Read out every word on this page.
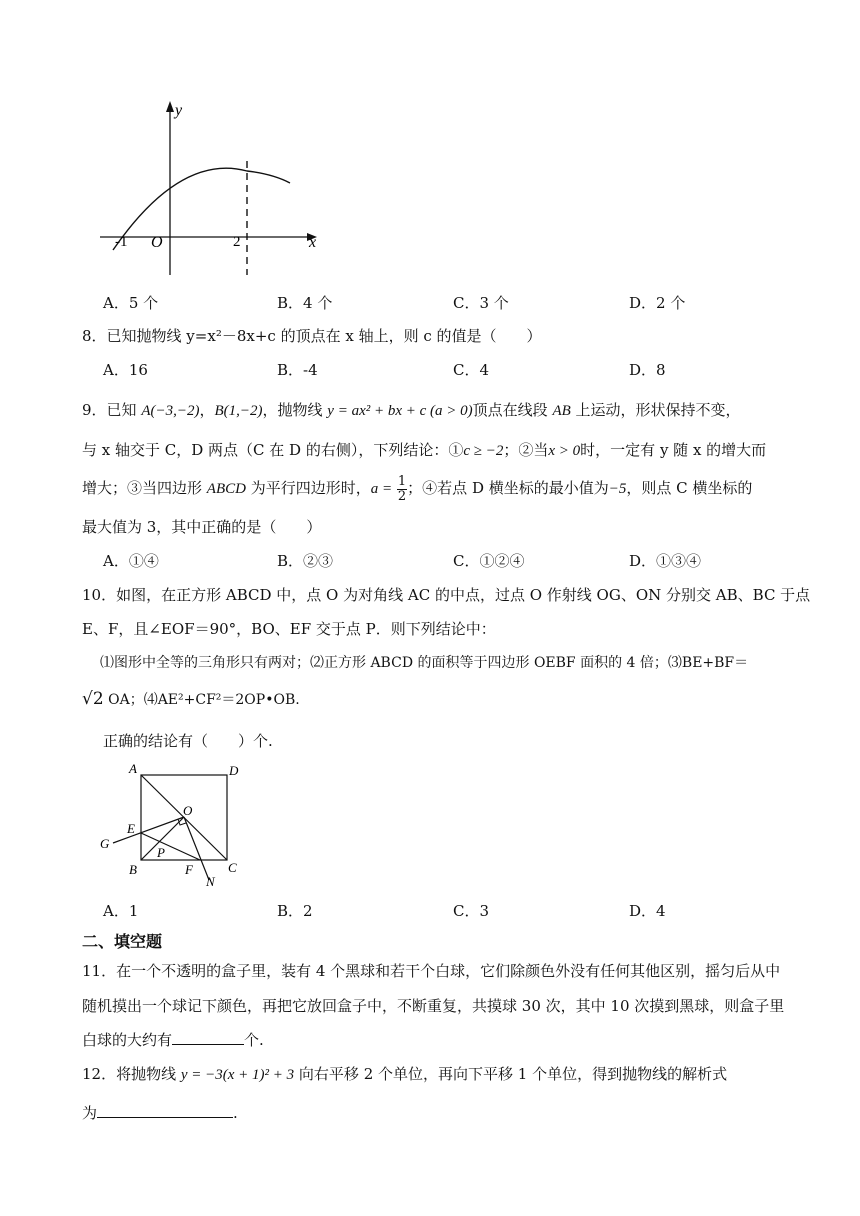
y
x
O
-1	2
A．5 个	B．4 个	C．3 个	D．2 个
8．已知抛物线 y=x²－8x+c 的顶点在 x 轴上，则 c 的值是（　　）
A．16	B．-4	C．4	D．8
9．已知 A(−3,−2)，B(1,−2)，抛物线 y = ax² + bx + c (a > 0)顶点在线段 AB 上运动，形状保持不变，
与 x 轴交于 C，D 两点（C 在 D 的右侧），下列结论：①c ≥ −2；②当x > 0时，一定有 y 随 x 的增大而
增大；③当四边形 ABCD 为平行四边形时，$a = \frac{1}{2}$ ；④若点 D 横坐标的最小值为−5，则点 C 横坐标的
最大值为 3，其中正确的是（　　）
A．①④	B．②③	C．①②④	D．①③④
10．如图，在正方形 ABCD 中，点 O 为对角线 AC 的中点，过点 O 作射线 OG、ON 分别交 AB、BC 于点
E、F，且∠EOF＝90°，BO、EF 交于点 P．则下列结论中：
⑴图形中全等的三角形只有两对；⑵正方形 ABCD 的面积等于四边形 OEBF 面积的 4 倍；⑶BE+BF＝
√2 OA；⑷AE²+CF²＝2OP•OB.
正确的结论有（　　）个.
A	D
O
E
G
P
B	F
N
C
A．1	B．2	C．3	D．4
二、填空题
11．在一个不透明的盒子里，装有 4 个黑球和若干个白球，它们除颜色外没有任何其他区别，摇匀后从中
随机摸出一个球记下颜色，再把它放回盒子中，不断重复，共摸球 30 次，其中 10 次摸到黑球，则盒子里
白球的大约有	个.
12．将抛物线 y = −3(x + 1)² + 3 向右平移 2 个单位，再向下平移 1 个单位，得到抛物线的解析式
为	.
